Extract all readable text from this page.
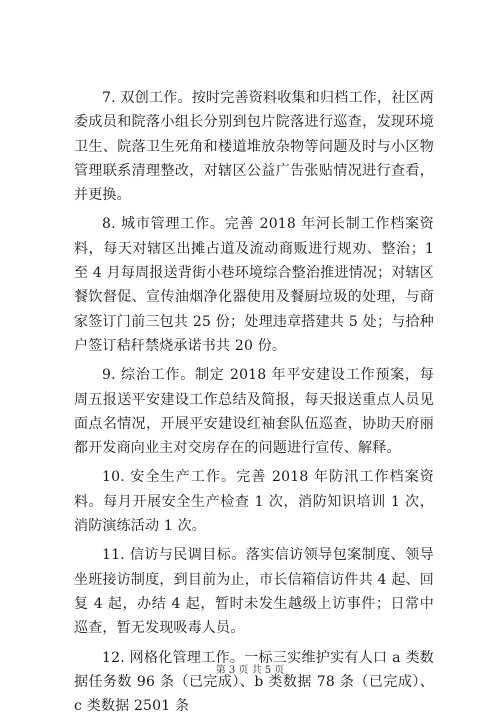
7. 双创工作。按时完善资料收集和归档工作，社区两委成员和院落小组长分别到包片院落进行巡查，发现环境卫生、院落卫生死角和楼道堆放杂物等问题及时与小区物管理联系清理整改，对辖区公益广告张贴情况进行查看，并更换。

8. 城市管理工作。完善 2018 年河长制工作档案资料，每天对辖区出摊占道及流动商贩进行规劝、整治；1 至 4 月每周报送背街小巷环境综合整治推进情况；对辖区餐饮督促、宣传油烟净化器使用及餐厨垃圾的处理，与商家签订门前三包共 25 份；处理违章搭建共 5 处；与拾种户签订秸秆禁烧承诺书共 20 份。

9. 综治工作。制定 2018 年平安建设工作预案，每周五报送平安建设工作总结及简报，每天报送重点人员见面点名情况，开展平安建设红袖套队伍巡查，协助天府丽都开发商向业主对交房存在的问题进行宣传、解释。

10. 安全生产工作。完善 2018 年防汛工作档案资料。每月开展安全生产检查 1 次，消防知识培训 1 次，消防演练活动 1 次。

11. 信访与民调目标。落实信访领导包案制度、领导坐班接访制度，到目前为止，市长信箱信访件共 4 起、回复 4 起，办结 4 起，暂时未发生越级上访事件；日常中巡查，暂无发现吸毒人员。

12. 网格化管理工作。一标三实维护实有人口 a 类数据任务数 96 条（已完成）、b 类数据 78 条（已完成）、c 类数据 2501 条

第 3 页 共 5 页
